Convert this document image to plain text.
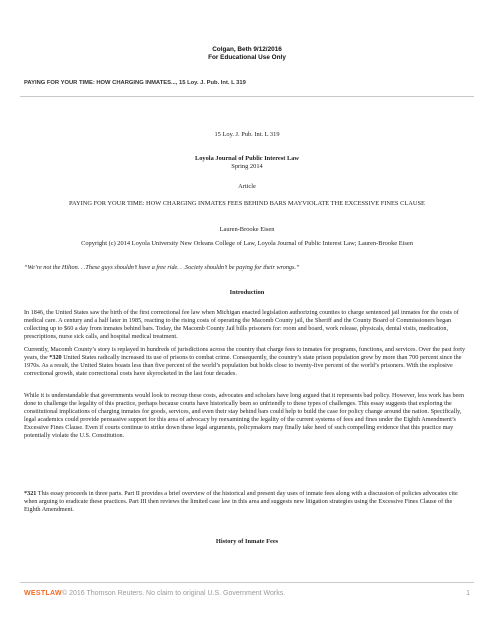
Colgan, Beth 9/12/2016
For Educational Use Only
PAYING FOR YOUR TIME: HOW CHARGING INMATES..., 15 Loy. J. Pub. Int. L 319
15 Loy. J. Pub. Int. L 319
Loyola Journal of Public Interest Law
Spring 2014
Article
PAYING FOR YOUR TIME: HOW CHARGING INMATES FEES BEHIND BARS MAYVIOLATE THE EXCESSIVE FINES CLAUSE
Lauren-Brooke Eisen
Copyright (c) 2014 Loyola University New Orleans College of Law, Loyola Journal of Public Interest Law; Lauren-Brooke Eisen
“We’re not the Hilton. . .These guys shouldn’t have a free ride. . .Society shouldn’t be paying for their wrongs.”
Introduction

In 1846, the United States saw the birth of the first correctional fee law when Michigan enacted legislation authorizing counties to charge sentenced jail inmates for the costs of medical care. A century and a half later in 1985, reacting to the rising costs of operating the Macomb County jail, the Sheriff and the County Board of Commissioners began collecting up to $60 a day from inmates behind bars. Today, the Macomb County Jail bills prisoners for: room and board, work release, physicals, dental visits, medication, prescriptions, nurse sick calls, and hospital medical treatment.

Currently, Macomb County’s story is replayed in hundreds of jurisdictions across the country that charge fees to inmates for programs, functions, and services. Over the past forty years, the *320 United States radically increased its use of prisons to combat crime. Consequently, the country’s state prison population grew by more than 700 percent since the 1970s. As a result, the United States boasts less than five percent of the world’s population but holds close to twenty-five percent of the world’s prisoners. With the explosive correctional growth, state correctional costs have skyrocketed in the last four decades.

While it is understandable that governments would look to recoup these costs, advocates and scholars have long argued that it represents bad policy. However, less work has been done to challenge the legality of this practice, perhaps because courts have historically been so unfriendly to these types of challenges. This essay suggests that exploring the constitutional implications of charging inmates for goods, services, and even their stay behind bars could help to build the case for policy change around the nation. Specifically, legal academics could provide persuasive support for this area of advocacy by reexamining the legality of the current systems of fees and fines under the Eighth Amendment’s Excessive Fines Clause. Even if courts continue to strike down these legal arguments, policymakers may finally take heed of such compelling evidence that this practice may potentially violate the U.S. Constitution.

*321 This essay proceeds in three parts. Part II provides a brief overview of the historical and present day uses of inmate fees along with a discussion of policies advocates cite when arguing to eradicate these practices. Part III then reviews the limited case law in this area and suggests new litigation strategies using the Excessive Fines Clause of the Eighth Amendment.

History of Inmate Fees
WESTLAW © 2016 Thomson Reuters. No claim to original U.S. Government Works.	1
